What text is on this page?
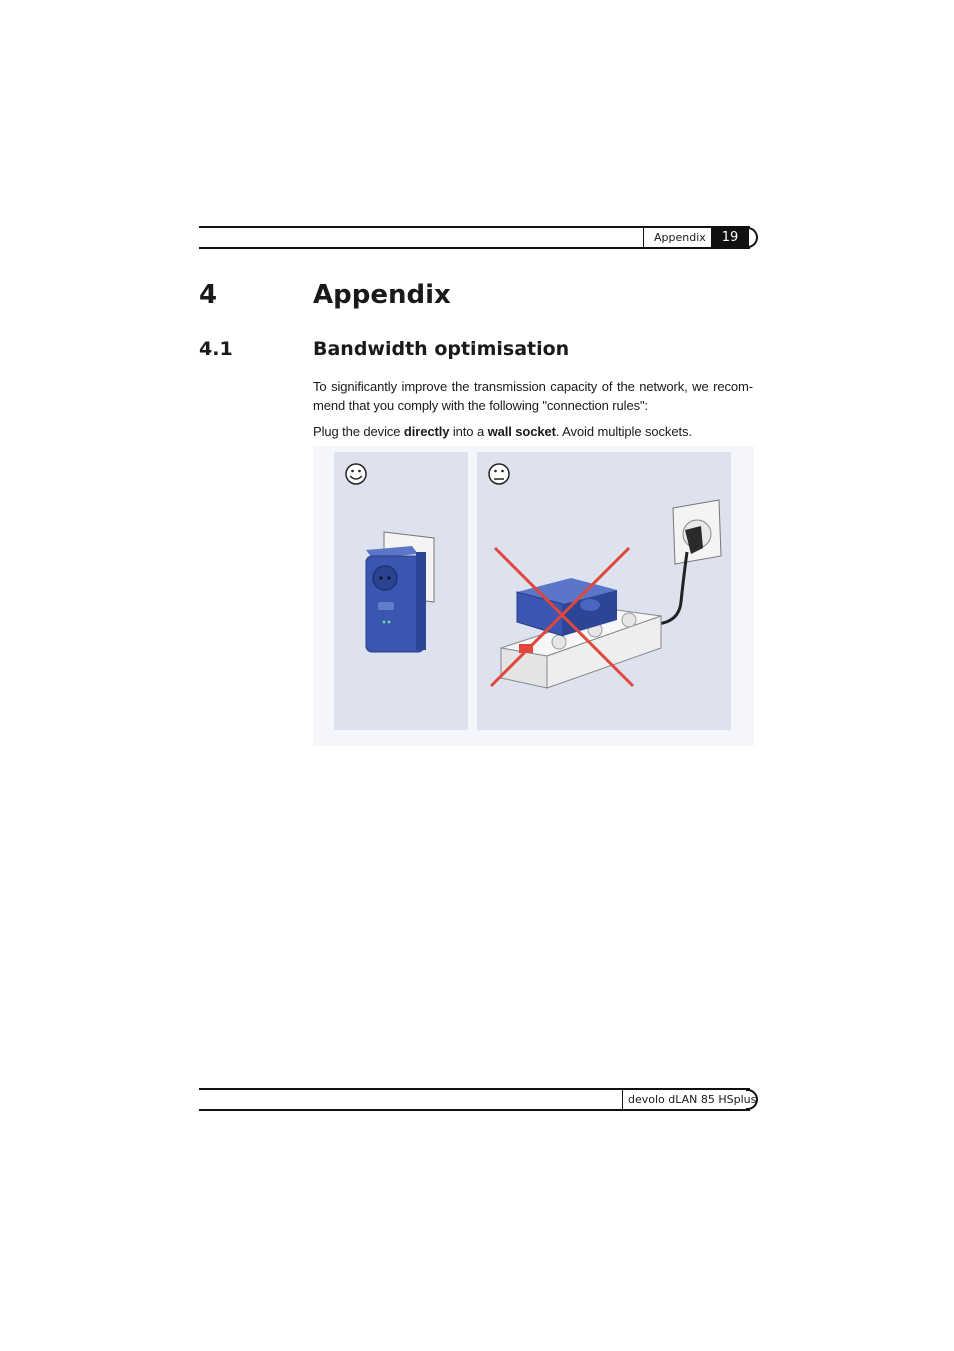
Appendix	19
4	Appendix
4.1	Bandwidth optimisation
To significantly improve the transmission capacity of the network, we recom-mend that you comply with the following "connection rules":
Plug the device directly into a wall socket. Avoid multiple sockets.
devolo dLAN 85 HSplus
